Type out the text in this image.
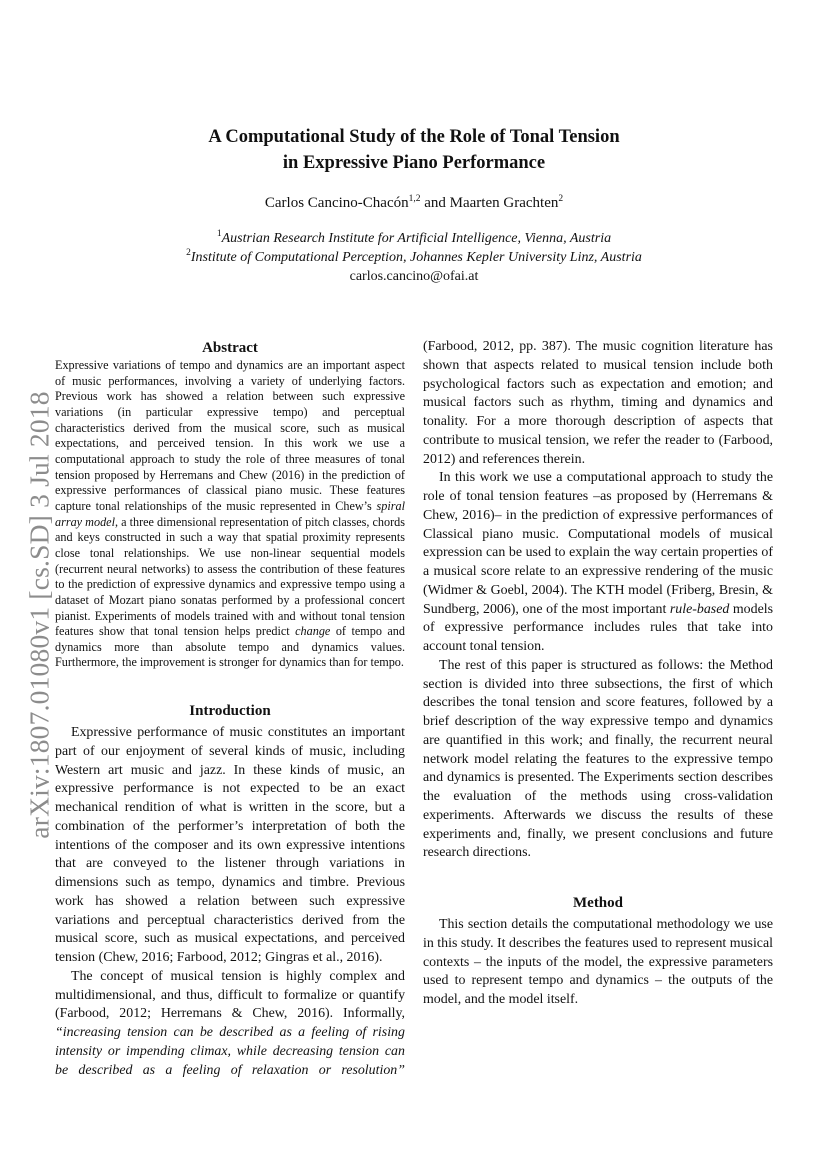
arXiv:1807.01080v1 [cs.SD] 3 Jul 2018
A Computational Study of the Role of Tonal Tension
in Expressive Piano Performance
Carlos Cancino-Chacón$^{1,2}$ and Maarten Grachten$^2$
$^1$Austrian Research Institute for Artificial Intelligence, Vienna, Austria
$^2$Institute of Computational Perception, Johannes Kepler University Linz, Austria
carlos.cancino@ofai.at
Abstract

Expressive variations of tempo and dynamics are an important aspect of music performances, involving a variety of underlying factors. Previous work has showed a relation between such expressive variations (in particular expressive tempo) and perceptual characteristics derived from the musical score, such as musical expectations, and perceived tension. In this work we use a computational approach to study the role of three measures of tonal tension proposed by Herremans and Chew (2016) in the prediction of expressive performances of classical piano music. These features capture tonal relationships of the music represented in Chew’s spiral array model, a three dimensional representation of pitch classes, chords and keys constructed in such a way that spatial proximity represents close tonal relationships. We use non-linear sequential models (recurrent neural networks) to assess the contribution of these features to the prediction of expressive dynamics and expressive tempo using a dataset of Mozart piano sonatas performed by a professional concert pianist. Experiments of models trained with and without tonal tension features show that tonal tension helps predict change of tempo and dynamics more than absolute tempo and dynamics values. Furthermore, the improvement is stronger for dynamics than for tempo.

Introduction

Expressive performance of music constitutes an important part of our enjoyment of several kinds of music, including Western art music and jazz. In these kinds of music, an expressive performance is not expected to be an exact mechanical rendition of what is written in the score, but a combination of the performer’s interpretation of both the intentions of the composer and its own expressive intentions that are conveyed to the listener through variations in dimensions such as tempo, dynamics and timbre. Previous work has showed a relation between such expressive variations and perceptual characteristics derived from the musical score, such as musical expectations, and perceived tension (Chew, 2016; Farbood, 2012; Gingras et al., 2016).

The concept of musical tension is highly complex and multidimensional, and thus, difficult to formalize or quantify (Farbood, 2012; Herremans & Chew, 2016). Informally, “increasing tension can be described as a feeling of rising intensity or impending climax, while decreasing tension can be described as a feeling of relaxation or resolution”

(Farbood, 2012, pp. 387). The music cognition literature has shown that aspects related to musical tension include both psychological factors such as expectation and emotion; and musical factors such as rhythm, timing and dynamics and tonality. For a more thorough description of aspects that contribute to musical tension, we refer the reader to (Farbood, 2012) and references therein.

In this work we use a computational approach to study the role of tonal tension features –as proposed by (Herremans & Chew, 2016)– in the prediction of expressive performances of Classical piano music. Computational models of musical expression can be used to explain the way certain properties of a musical score relate to an expressive rendering of the music (Widmer & Goebl, 2004). The KTH model (Friberg, Bresin, & Sundberg, 2006), one of the most important rule-based models of expressive performance includes rules that take into account tonal tension.

The rest of this paper is structured as follows: the Method section is divided into three subsections, the first of which describes the tonal tension and score features, followed by a brief description of the way expressive tempo and dynamics are quantified in this work; and finally, the recurrent neural network model relating the features to the expressive tempo and dynamics is presented. The Experiments section describes the evaluation of the methods using cross-validation experiments. Afterwards we discuss the results of these experiments and, finally, we present conclusions and future research directions.

Method

This section details the computational methodology we use in this study. It describes the features used to represent musical contexts – the inputs of the model, the expressive parameters used to represent tempo and dynamics – the outputs of the model, and the model itself.
